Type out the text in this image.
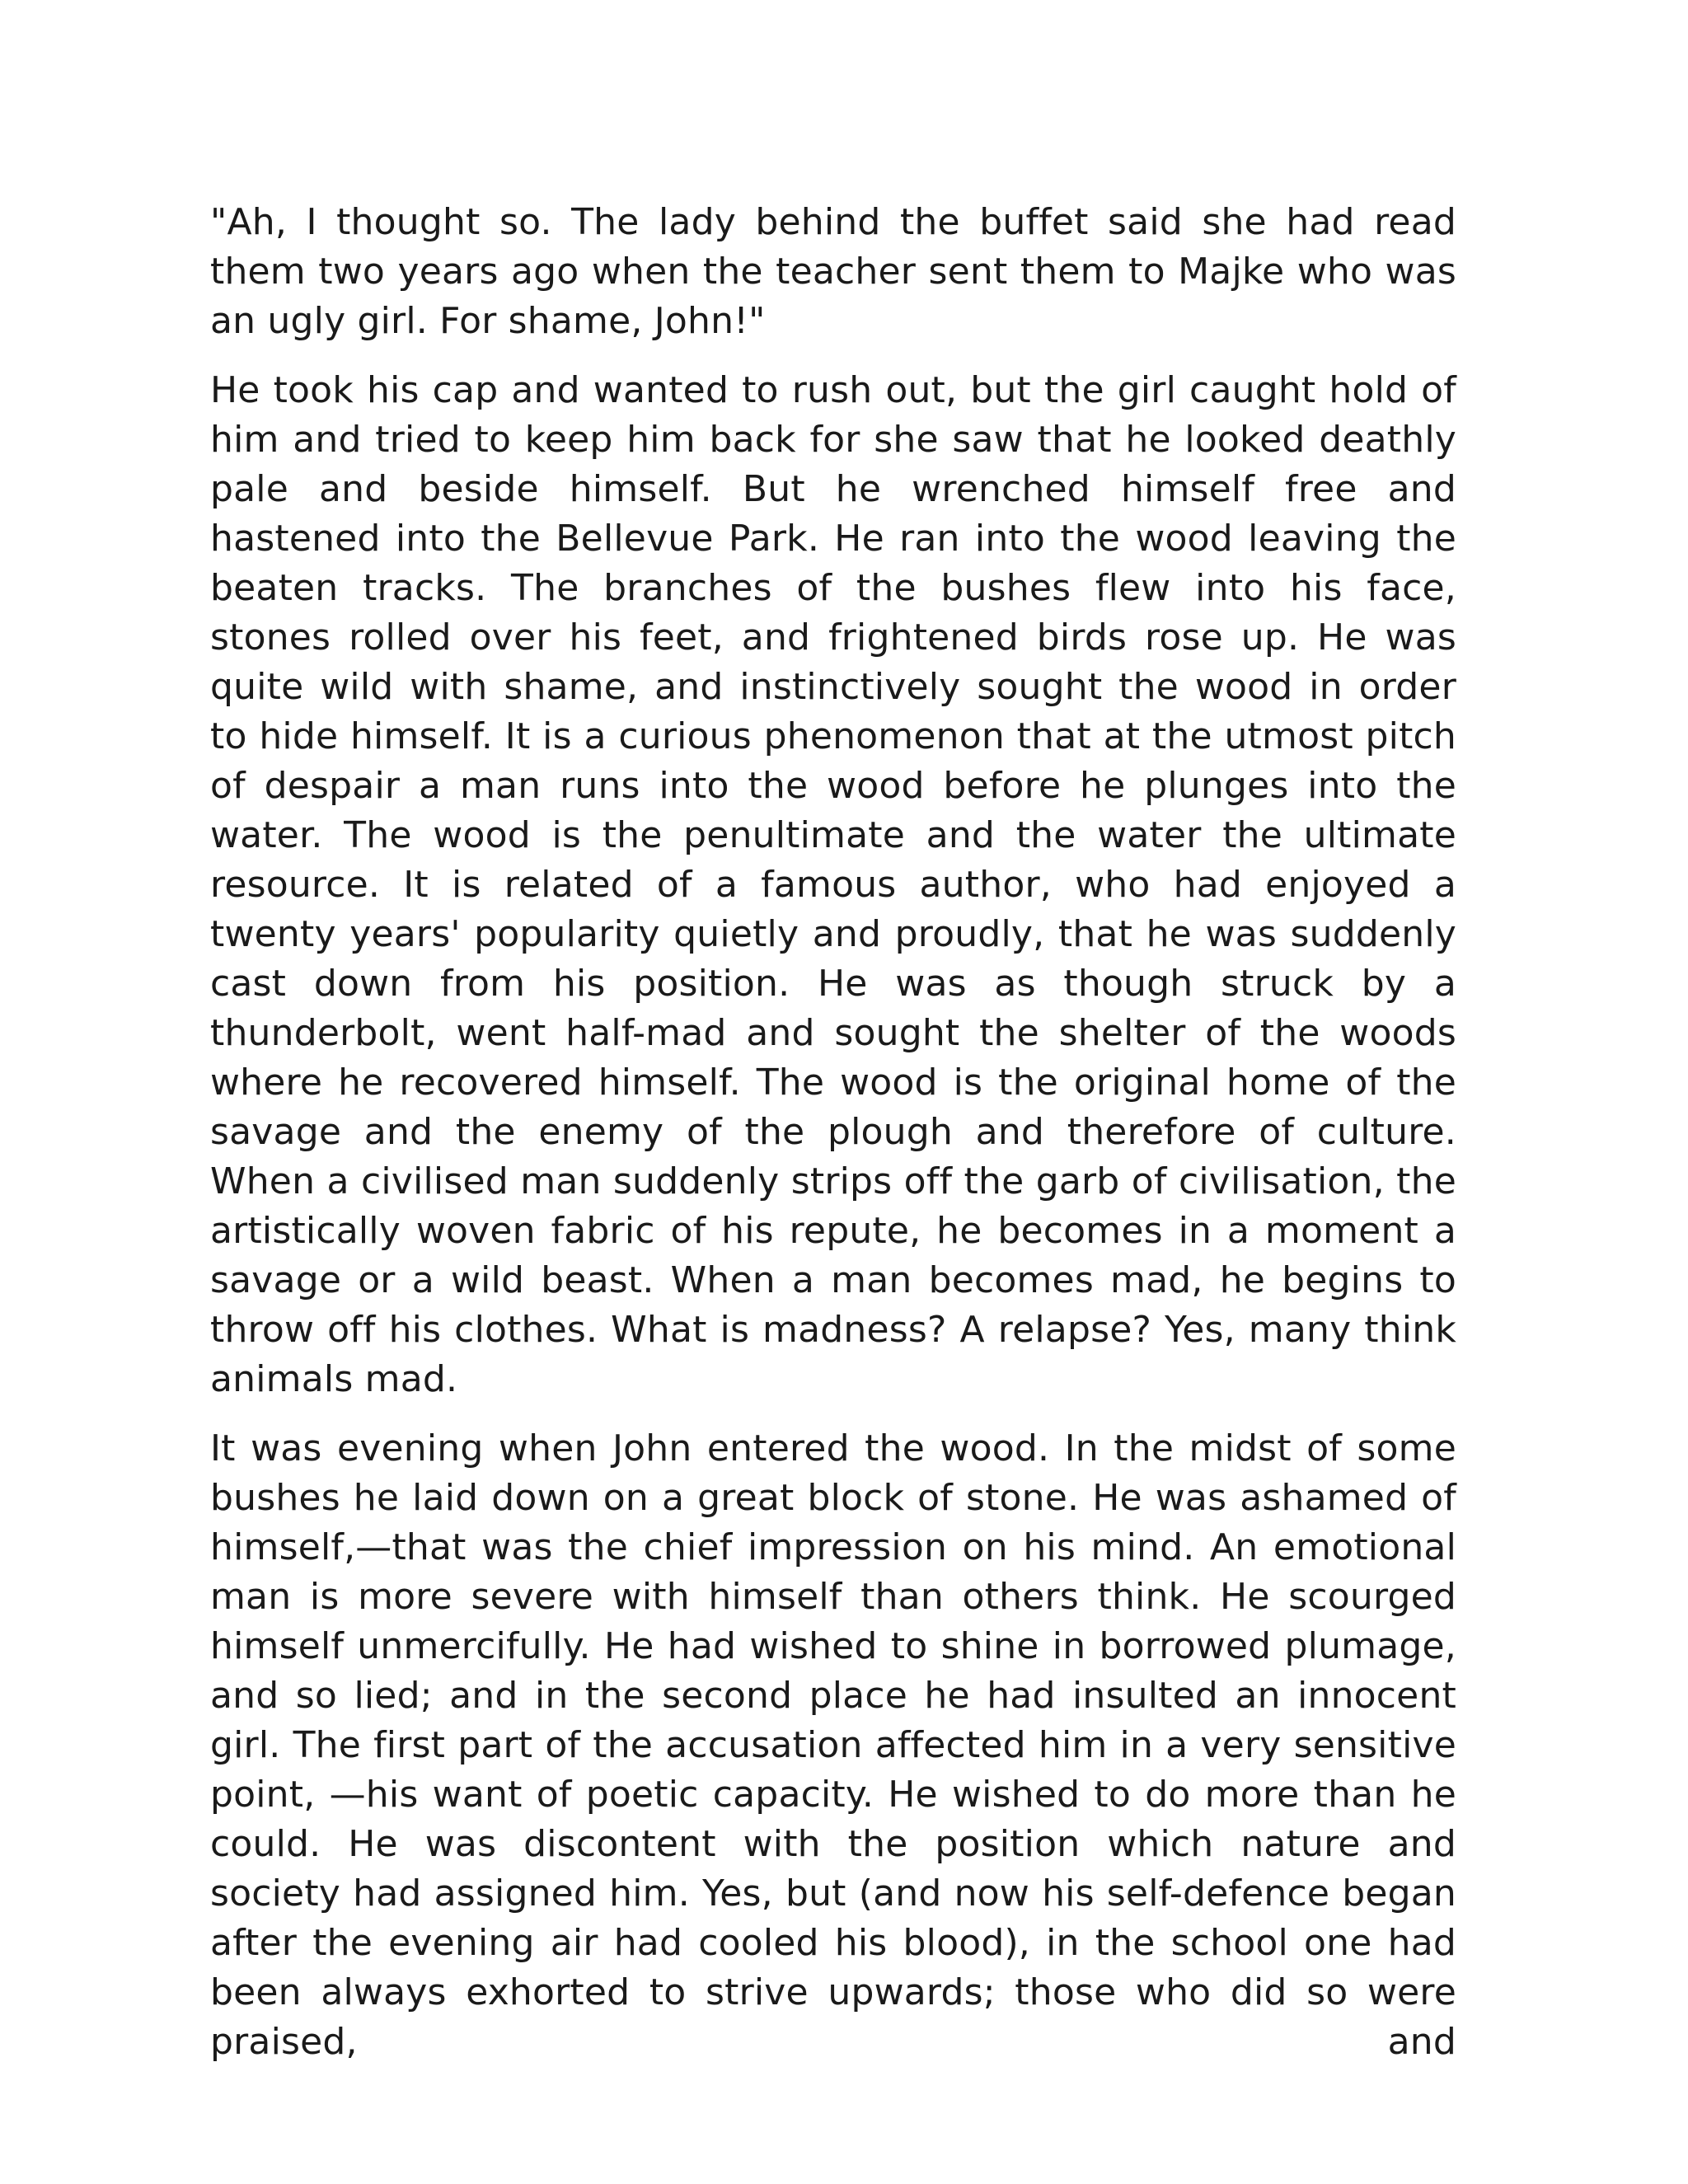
"Ah, I thought so. The lady behind the buffet said she had read them two years ago when the teacher sent them to Majke who was an ugly girl. For shame, John!"

He took his cap and wanted to rush out, but the girl caught hold of him and tried to keep him back for she saw that he looked deathly pale and beside himself. But he wrenched himself free and hastened into the Bellevue Park. He ran into the wood leaving the beaten tracks. The branches of the bushes flew into his face, stones rolled over his feet, and frightened birds rose up. He was quite wild with shame, and instinctively sought the wood in order to hide himself. It is a curious phenomenon that at the utmost pitch of despair a man runs into the wood before he plunges into the water. The wood is the penultimate and the water the ultimate resource. It is related of a famous author, who had enjoyed a twenty years' popularity quietly and proudly, that he was suddenly cast down from his position. He was as though struck by a thunderbolt, went half-mad and sought the shelter of the woods where he recovered himself. The wood is the original home of the savage and the enemy of the plough and therefore of culture. When a civilised man suddenly strips off the garb of civilisation, the artistically woven fabric of his repute, he becomes in a moment a savage or a wild beast. When a man becomes mad, he begins to throw off his clothes. What is madness? A relapse? Yes, many think animals mad.

It was evening when John entered the wood. In the midst of some bushes he laid down on a great block of stone. He was ashamed of himself,—that was the chief impression on his mind. An emotional man is more severe with himself than others think. He scourged himself unmercifully. He had wished to shine in borrowed plumage, and so lied; and in the second place he had insulted an innocent girl. The first part of the accusation affected him in a very sensitive point, —his want of poetic capacity. He wished to do more than he could. He was discontent with the position which nature and society had assigned him. Yes, but (and now his self-defence began after the evening air had cooled his blood), in the school one had been always exhorted to strive upwards; those who did so were praised, and
